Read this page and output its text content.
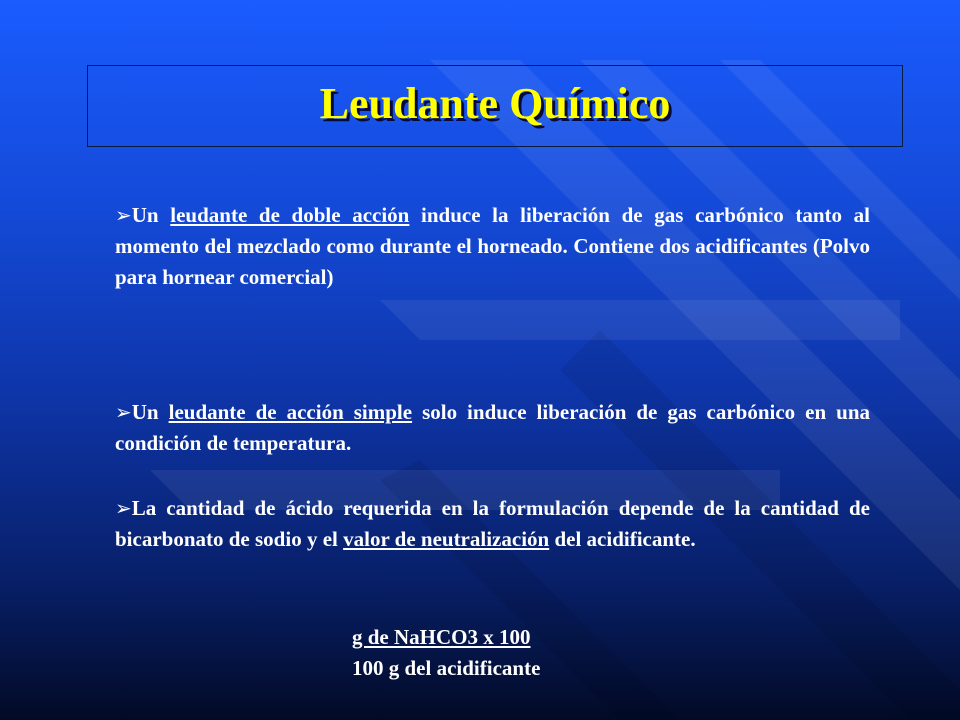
Leudante Químico

➢Un leudante de doble acción induce la liberación de gas carbónico tanto al momento del mezclado como durante el horneado. Contiene dos acidificantes (Polvo para hornear comercial)

➢Un leudante de acción simple solo induce liberación de gas carbónico en una condición de temperatura.

➢La cantidad de ácido requerida en la formulación depende de la cantidad de bicarbonato de sodio y el valor de neutralización del acidificante.

g de NaHCO3 x 100
100 g del acidificante
